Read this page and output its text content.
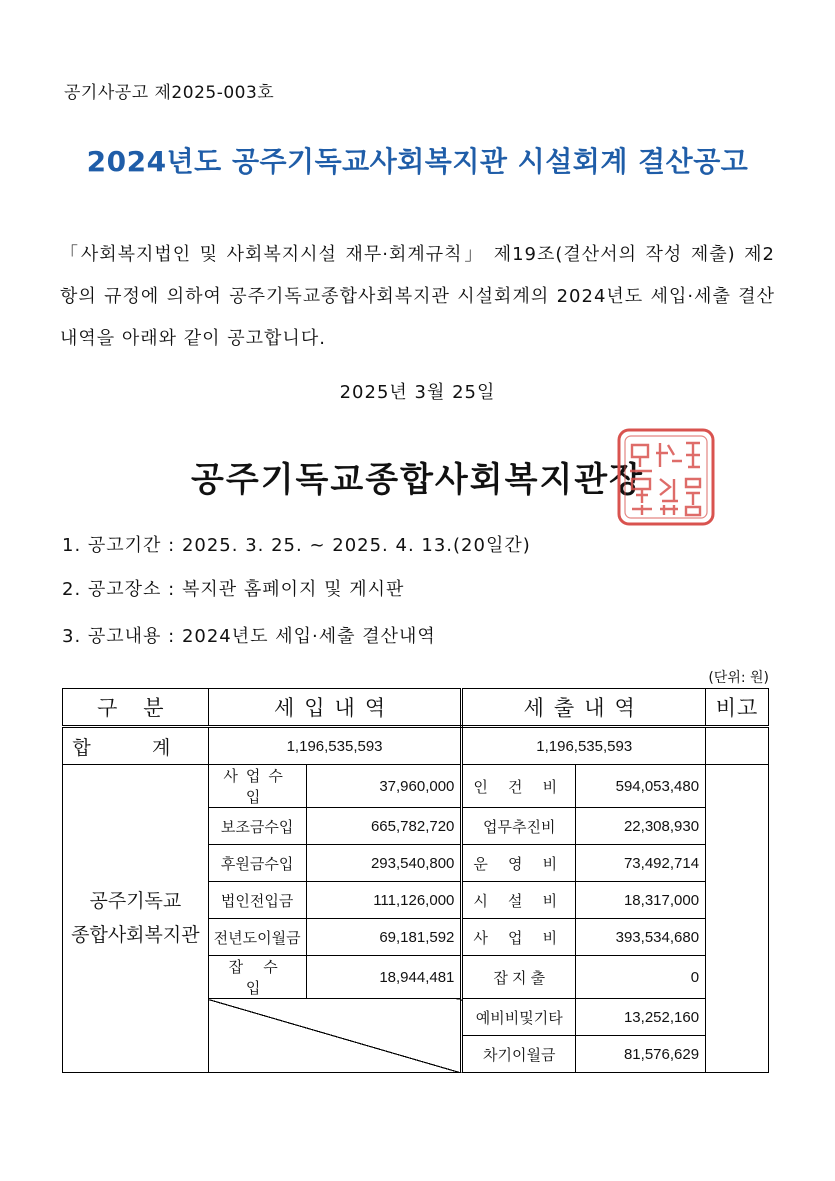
공기사공고 제2025-003호
2024년도 공주기독교사회복지관 시설회계 결산공고
「사회복지법인 및 사회복지시설 재무·회계규칙」 제19조(결산서의 작성 제출) 제2항의 규정에 의하여 공주기독교종합사회복지관 시설회계의 2024년도 세입·세출 결산내역을 아래와 같이 공고합니다.
2025년 3월 25일
공주기독교종합사회복지관장
1. 공고기간 : 2025. 3. 25. ~ 2025. 4. 13.(20일간)
2. 공고장소 : 복지관 홈페이지 및 게시판
3. 공고내용 : 2024년도 세입·세출 결산내역
(단위: 원)
구 분	세입내역		세출내역		비고
합 계	1,196,535,593		1,196,535,593		
공주기독교
종합사회복지관	사업수입	37,960,000	인 건 비	594,053,480	
	보조금수입	665,782,720	업무추진비	22,308,930	
	후원금수입	293,540,800	운 영 비	73,492,714	
	법인전입금	111,126,000	시 설 비	18,317,000	
	전년도이월금	69,181,592	사 업 비	393,534,680	
	잡 수 입	18,944,481	잡 지 출	0	
			예비비및기타	13,252,160	
			차기이월금	81,576,629	
